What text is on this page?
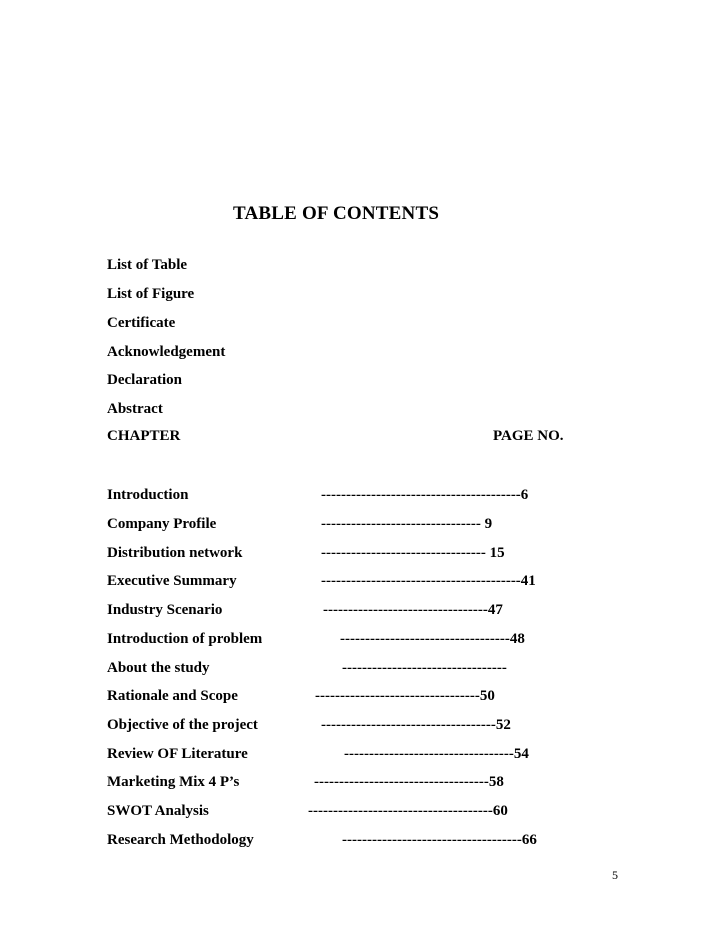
TABLE OF CONTENTS
List of Table
List of Figure
Certificate
Acknowledgement
Declaration
Abstract
CHAPTER	PAGE NO.
Introduction	----------------------------------------6
Company Profile	-------------------------------- 9
Distribution network	--------------------------------- 15
Executive Summary	----------------------------------------41
Industry Scenario	---------------------------------47
Introduction of problem	----------------------------------48
About the study	---------------------------------
Rationale and Scope	---------------------------------50
Objective of the project	-----------------------------------52
Review OF Literature	----------------------------------54
Marketing Mix 4 P’s	-----------------------------------58
SWOT Analysis	-------------------------------------60
Research Methodology	------------------------------------66
5
